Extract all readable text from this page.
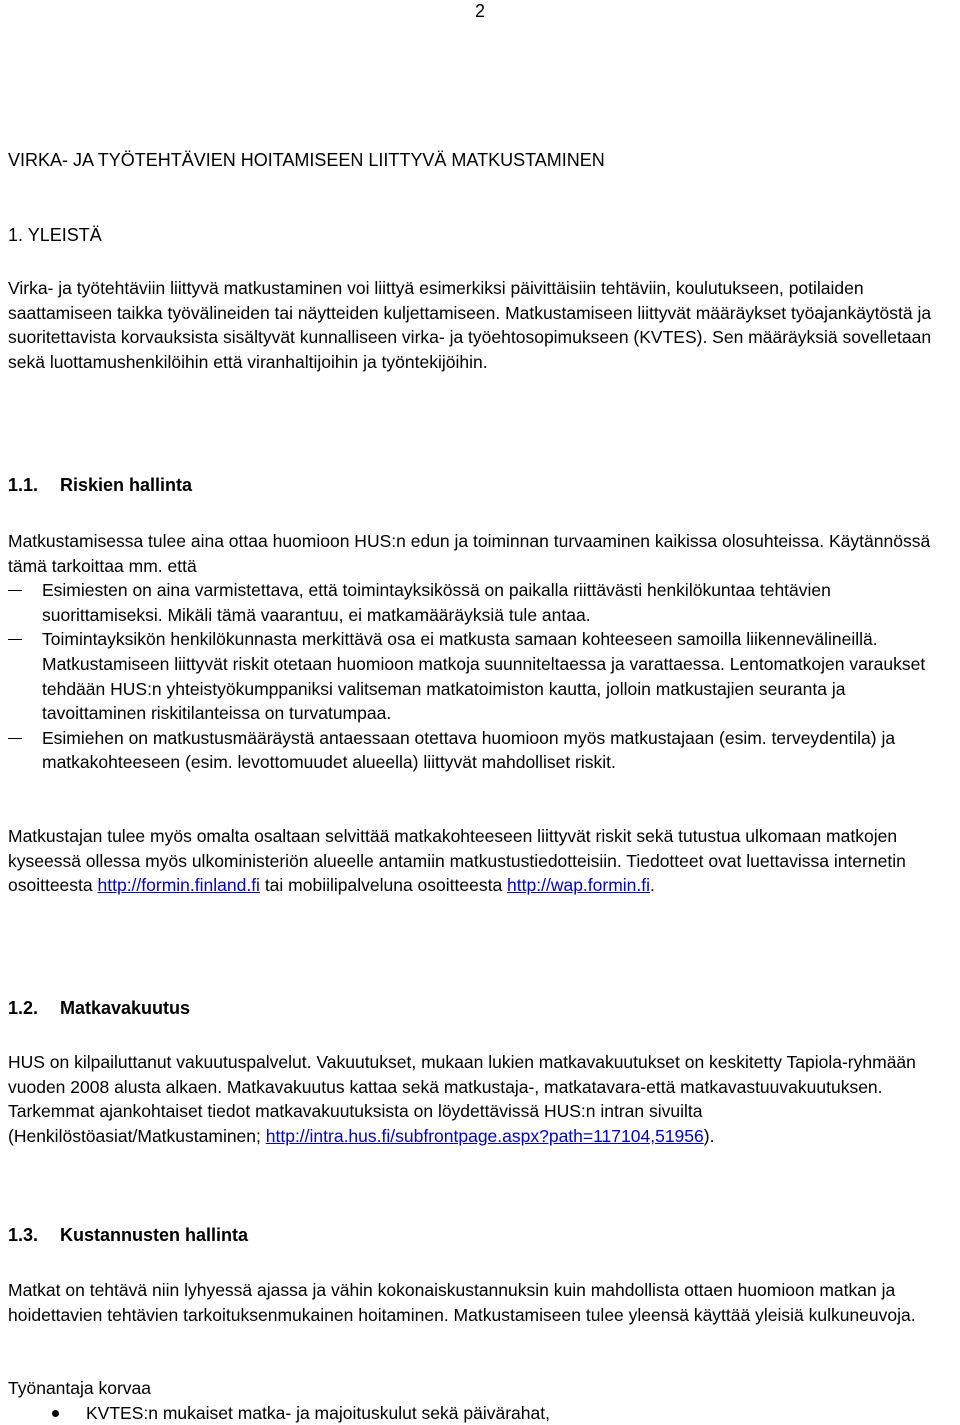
2
VIRKA- JA TYÖTEHTÄVIEN HOITAMISEEN LIITTYVÄ MATKUSTAMINEN
1. YLEISTÄ

Virka- ja työtehtäviin liittyvä matkustaminen voi liittyä esimerkiksi päivittäisiin tehtäviin, koulutukseen, potilaiden saattamiseen taikka työvälineiden tai näytteiden kuljettamiseen. Matkustamiseen liittyvät määräykset työajankäytöstä ja suoritettavista korvauksista sisältyvät kunnalliseen virka- ja työehtosopimukseen (KVTES). Sen määräyksiä sovelletaan sekä luottamushenkilöihin että viranhaltijoihin ja työntekijöihin.

1.1. Riskien hallinta

Matkustamisessa tulee aina ottaa huomioon HUS:n edun ja toiminnan turvaaminen kaikissa olosuhteissa. Käytännössä tämä tarkoittaa mm. että

Esimiesten on aina varmistettava, että toimintayksikössä on paikalla riittävästi henkilökuntaa tehtävien suorittamiseksi. Mikäli tämä vaarantuu, ei matkamääräyksiä tule antaa.
Toimintayksikön henkilökunnasta merkittävä osa ei matkusta samaan kohteeseen samoilla liikennevälineillä. Matkustamiseen liittyvät riskit otetaan huomioon matkoja suunniteltaessa ja varattaessa. Lentomatkojen varaukset tehdään HUS:n yhteistyökumppaniksi valitseman matkatoimiston kautta, jolloin matkustajien seuranta ja tavoittaminen riskitilanteissa on turvatumpaa.
Esimiehen on matkustusmääräystä antaessaan otettava huomioon myös matkustajaan (esim. terveydentila) ja matkakohteeseen (esim. levottomuudet alueella) liittyvät mahdolliset riskit.

Matkustajan tulee myös omalta osaltaan selvittää matkakohteeseen liittyvät riskit sekä tutustua ulkomaan matkojen kyseessä ollessa myös ulkoministeriön alueelle antamiin matkustustiedotteisiin. Tiedotteet ovat luettavissa internetin osoitteesta http://formin.finland.fi tai mobiilipalveluna osoitteesta http://wap.formin.fi.

1.2. Matkavakuutus

HUS on kilpailuttanut vakuutuspalvelut. Vakuutukset, mukaan lukien matkavakuutukset on keskitetty Tapiola-ryhmään vuoden 2008 alusta alkaen. Matkavakuutus kattaa sekä matkustaja-, matkatavara-että matkavastuuvakuutuksen. Tarkemmat ajankohtaiset tiedot matkavakuutuksista on löydettävissä HUS:n intran sivuilta (Henkilöstöasiat/Matkustaminen; http://intra.hus.fi/subfrontpage.aspx?path=117104,51956).

1.3. Kustannusten hallinta

Matkat on tehtävä niin lyhyessä ajassa ja vähin kokonaiskustannuksin kuin mahdollista ottaen huomioon matkan ja hoidettavien tehtävien tarkoituksenmukainen hoitaminen. Matkustamiseen tulee yleensä käyttää yleisiä kulkuneuvoja.

Työnantaja korvaa

KVTES:n mukaiset matka- ja majoituskulut sekä päivärahat,
